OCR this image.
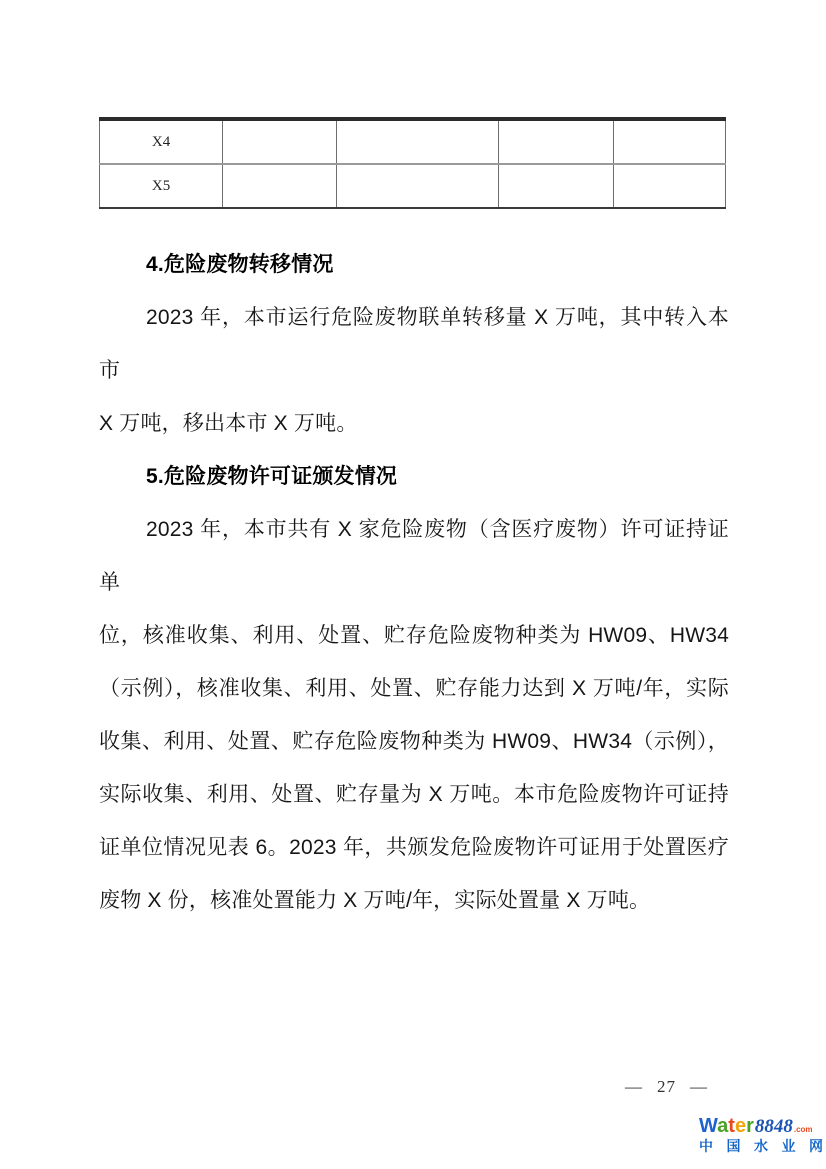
X4				
X5				
4.危险废物转移情况
2023 年，本市运行危险废物联单转移量 X 万吨，其中转入本市
X 万吨，移出本市 X 万吨。
5.危险废物许可证颁发情况
2023 年，本市共有 X 家危险废物（含医疗废物）许可证持证单
位，核准收集、利用、处置、贮存危险废物种类为 HW09、HW34
（示例），核准收集、利用、处置、贮存能力达到 X 万吨/年，实际
收集、利用、处置、贮存危险废物种类为 HW09、HW34（示例），
实际收集、利用、处置、贮存量为 X 万吨。本市危险废物许可证持
证单位情况见表 6。2023 年，共颁发危险废物许可证用于处置医疗
废物 X 份，核准处置能力 X 万吨/年，实际处置量 X 万吨。
— 27 —
Water 8848 .com
中国水业网
